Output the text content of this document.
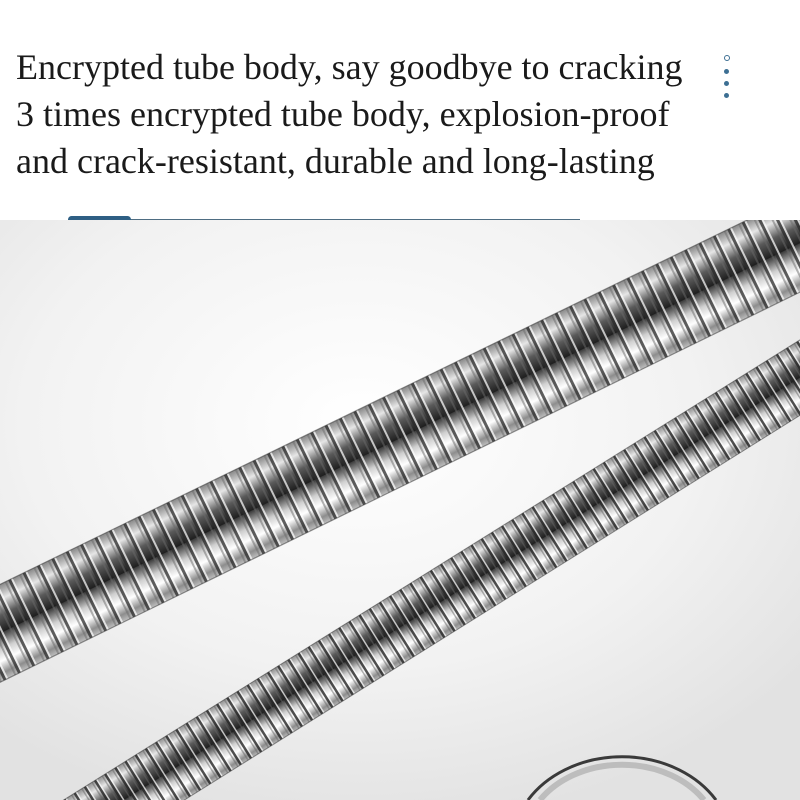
Encrypted tube body, say goodbye to cracking
3 times encrypted tube body, explosion-proof
and crack-resistant, durable and long-lasting
